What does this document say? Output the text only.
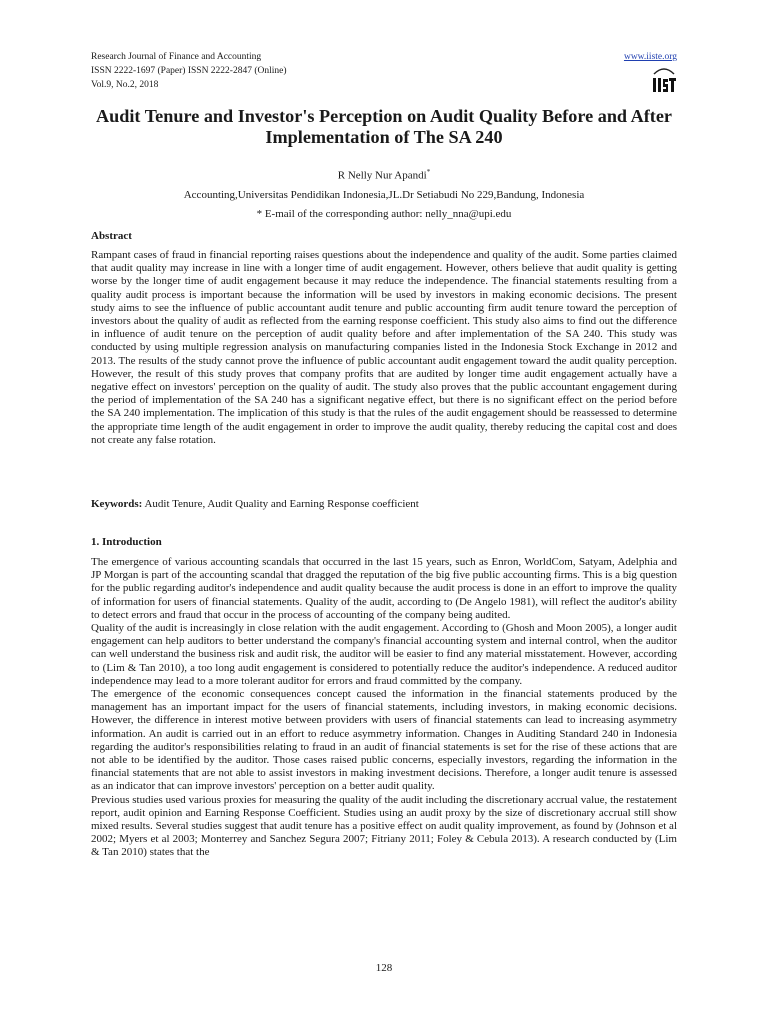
Research Journal of Finance and Accounting
ISSN 2222-1697 (Paper) ISSN 2222-2847 (Online)
Vol.9, No.2, 2018
www.iiste.org
Audit Tenure and Investor's Perception on Audit Quality Before and After Implementation of The SA 240
R Nelly Nur Apandi*
Accounting,Universitas Pendidikan Indonesia,JL.Dr Setiabudi No 229,Bandung, Indonesia
* E-mail of the corresponding author: nelly_nna@upi.edu
Abstract

Rampant cases of fraud in financial reporting raises questions about the independence and quality of the audit. Some parties claimed that audit quality may increase in line with a longer time of audit engagement. However, others believe that audit quality is getting worse by the longer time of audit engagement because it may reduce the independence. The financial statements resulting from a quality audit process is important because the information will be used by investors in making economic decisions. The present study aims to see the influence of public accountant audit tenure and public accounting firm audit tenure toward the perception of investors about the quality of audit as reflected from the earning response coefficient. This study also aims to find out the difference in influence of audit tenure on the perception of audit quality before and after implementation of the SA 240. This study was conducted by using multiple regression analysis on manufacturing companies listed in the Indonesia Stock Exchange in 2012 and 2013. The results of the study cannot prove the influence of public accountant audit engagement toward the audit quality perception. However, the result of this study proves that company profits that are audited by longer time audit engagement actually have a negative effect on investors' perception on the quality of audit. The study also proves that the public accountant engagement during the period of implementation of the SA 240 has a significant negative effect, but there is no significant effect on the period before the SA 240 implementation. The implication of this study is that the rules of the audit engagement should be reassessed to determine the appropriate time length of the audit engagement in order to improve the audit quality, thereby reducing the capital cost and does not create any false rotation.

Keywords: Audit Tenure, Audit Quality and Earning Response coefficient
1. Introduction

The emergence of various accounting scandals that occurred in the last 15 years, such as Enron, WorldCom, Satyam, Adelphia and JP Morgan is part of the accounting scandal that dragged the reputation of the big five public accounting firms. This is a big question for the public regarding auditor's independence and audit quality because the audit process is done in an effort to improve the quality of information for users of financial statements. Quality of the audit, according to (De Angelo 1981), will reflect the auditor's ability to detect errors and fraud that occur in the process of accounting of the company being audited.

Quality of the audit is increasingly in close relation with the audit engagement. According to (Ghosh and Moon 2005), a longer audit engagement can help auditors to better understand the company's financial accounting system and internal control, when the auditor can well understand the business risk and audit risk, the auditor will be easier to find any material misstatement. However, according to (Lim & Tan 2010), a too long audit engagement is considered to potentially reduce the auditor's independence. A reduced auditor independence may lead to a more tolerant auditor for errors and fraud committed by the company.

The emergence of the economic consequences concept caused the information in the financial statements produced by the management has an important impact for the users of financial statements, including investors, in making economic decisions. However, the difference in interest motive between providers with users of financial statements can lead to increasing asymmetry information. An audit is carried out in an effort to reduce asymmetry information. Changes in Auditing Standard 240 in Indonesia regarding the auditor's responsibilities relating to fraud in an audit of financial statements is set for the rise of these actions that are not able to be identified by the auditor. Those cases raised public concerns, especially investors, regarding the information in the financial statements that are not able to assist investors in making investment decisions. Therefore, a longer audit tenure is assessed as an indicator that can improve investors' perception on a better audit quality.

Previous studies used various proxies for measuring the quality of the audit including the discretionary accrual value, the restatement report, audit opinion and Earning Response Coefficient. Studies using an audit proxy by the size of discretionary accrual still show mixed results. Several studies suggest that audit tenure has a positive effect on audit quality improvement, as found by (Johnson et al 2002; Myers et al 2003; Monterrey and Sanchez Segura 2007; Fitriany 2011; Foley & Cebula 2013). A research conducted by (Lim & Tan 2010) states that the

128
